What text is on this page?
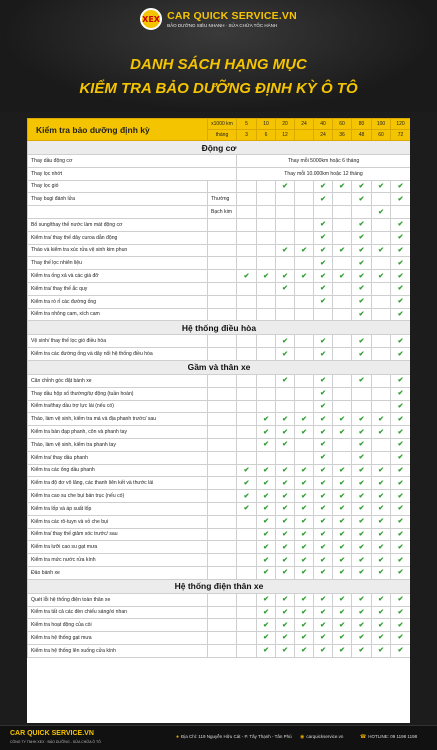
XEX CAR QUICK SERVICE.VN
BẢO DƯỠNG SIÊU NHANH · SỬA CHỮA TỐC HÀNH
DANH SÁCH HẠNG MỤC
KIỂM TRA BẢO DƯỠNG ĐỊNH KỲ Ô TÔ
Kiểm tra bảo dưỡng định kỳ	x1000 km	5	10	20	24	40	60	80	100	120
	tháng	3	6	12		24	36	48	60	72
Động cơ										
Thay dầu động cơ		Thay mỗi 5000km hoặc 6 tháng								
Thay lọc nhớt		Thay mỗi 10.000km hoặc 12 tháng								
Thay lọc gió				✔		✔	✔	✔	✔	✔
Thay bugi đánh lửa	Thường					✔		✔		✔
	Bạch kim								✔	
Bổ sung/thay thế nước làm mát động cơ						✔		✔		✔
Kiểm tra/ thay thế dây curoa dẫn động						✔		✔		✔
Tháo và kiểm tra xúc rửa vệ sinh kim phun				✔	✔	✔	✔	✔	✔	✔
Thay thế lọc nhiên liệu						✔		✔		✔
Kiểm tra ống xả và các giá đỡ		✔	✔	✔	✔	✔	✔	✔	✔	✔
Kiểm tra/ thay thế ắc quy				✔		✔		✔		✔
Kiểm tra rò rỉ các đường ống						✔		✔		✔
Kiểm tra nhông cam, xích cam								✔		✔
Hệ thống điều hòa										
Vệ sinh/ thay thế lọc gió điều hòa				✔		✔		✔		✔
Kiểm tra các đường ống và dây nối hệ thống điều hòa				✔		✔		✔		✔
Gầm và thân xe										
Căn chỉnh góc đặt bánh xe				✔		✔		✔		✔
Thay dầu hộp số thường/tự động (tuần hoàn)						✔				✔
Kiểm tra/thay dầu trợ lực lái (nếu có)						✔				✔
Tháo, làm vệ sinh, kiểm tra má và địa phanh trước/ sau			✔	✔	✔	✔	✔	✔	✔	✔
Kiểm tra bàn đạp phanh, côn và phanh tay			✔	✔	✔	✔	✔	✔	✔	✔
Tháo, làm vệ sinh, kiểm tra phanh tay			✔	✔		✔		✔		✔
Kiểm tra/ thay dầu phanh						✔		✔		✔
Kiểm tra các ống dầu phanh		✔	✔	✔	✔	✔	✔	✔	✔	✔
Kiểm tra độ dơ vô lăng, các thanh liên kết và thước lái		✔	✔	✔	✔	✔	✔	✔	✔	✔
Kiểm tra cao su che bụi bán trục (nếu có)		✔	✔	✔	✔	✔	✔	✔	✔	✔
Kiểm tra lốp và áp suất lốp		✔	✔	✔	✔	✔	✔	✔	✔	✔
Kiểm tra các rô-tuyn và vỏ che bụi			✔	✔	✔	✔	✔	✔	✔	✔
Kiểm tra/ thay thế giảm xóc trước/ sau			✔	✔	✔	✔	✔	✔	✔	✔
Kiểm tra lưỡi cao su gạt mưa			✔	✔	✔	✔	✔	✔	✔	✔
Kiểm tra mức nước rửa kính			✔	✔	✔	✔	✔	✔	✔	✔
Đảo bánh xe			✔	✔	✔	✔	✔	✔	✔	✔
Hệ thống điện thân xe										
Quét lỗi hệ thống điện toàn thân xe			✔	✔	✔	✔	✔	✔	✔	✔
Kiểm tra tất cả các đèn chiếu sáng/xi nhan			✔	✔	✔	✔	✔	✔	✔	✔
Kiểm tra hoạt động của còi			✔	✔	✔	✔	✔	✔	✔	✔
Kiểm tra hệ thống gạt mưa			✔	✔	✔	✔	✔	✔	✔	✔
Kiểm tra hệ thống lên xuống cửa kính			✔	✔	✔	✔	✔	✔	✔	✔
CAR QUICK SERVICE.VN
CÔNG TY TNHH XEX · BẢO DƯỠNG - SỬA CHỮA Ô TÔ
● Địa Chỉ: 119 Nguyễn Hữu Cát - P. Tây Thạnh - Tân Phú ◉ carquickservice.vn	☎ HOTLINE: 09 1198 1198
